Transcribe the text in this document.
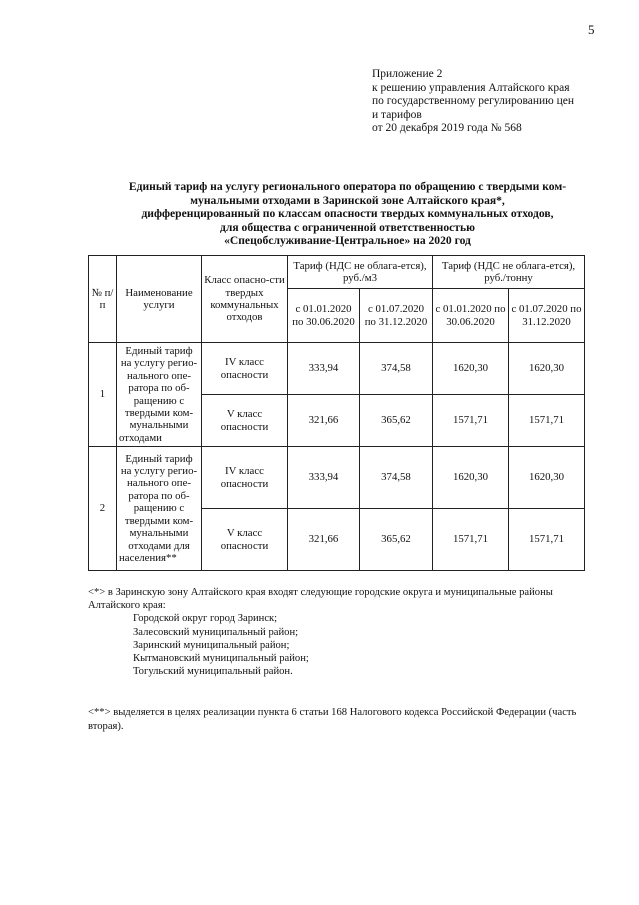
5
Приложение 2
к решению управления Алтайского края
по государственному регулированию цен
и тарифов
от 20 декабря 2019 года № 568
Единый тариф на услугу регионального оператора по обращению с твердыми ком-
мунальными отходами в Заринской зоне Алтайского края*,
дифференцированный по классам опасности твердых коммунальных отходов,
для общества с ограниченной ответственностью
«Спецобслуживание-Центральное» на 2020 год
№ п/п	Наименование услуги	Класс опасно-сти твердых коммунальных отходов	Тариф (НДС не облага-ется), руб./м3		Тариф (НДС не облага-ется), руб./тонну	
			с 01.01.2020 по 30.06.2020	с 01.07.2020 по 31.12.2020	с 01.01.2020 по 30.06.2020	с 01.07.2020 по 31.12.2020
1	Единый тариф на услугу регио-нального опе-ратора по об-ращению с твердыми ком-мунальными отходами	IV класс опасности	333,94	374,58	1620,30	1620,30
		V класс опасности	321,66	365,62	1571,71	1571,71
2	Единый тариф на услугу регио-нального опе-ратора по об-ращению с твердыми ком-мунальными отходами для населения**	IV класс опасности	333,94	374,58	1620,30	1620,30
		V класс опасности	321,66	365,62	1571,71	1571,71
<*> в Заринскую зону Алтайского края входят следующие городские округа и муниципальные районы
Алтайского края:
Городской округ город Заринск;
Залесовский муниципальный район;
Заринский муниципальный район;
Кытмановский муниципальный район;
Тогульский муниципальный район.
<**> выделяется в целях реализации пункта 6 статьи 168 Налогового кодекса Российской Федерации (часть
вторая).
